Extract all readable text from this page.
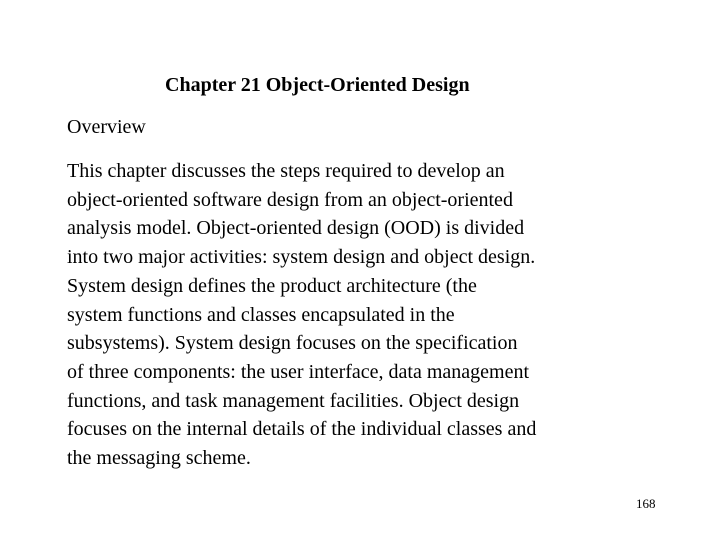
Chapter 21 Object-Oriented Design
Overview
This chapter discusses the steps required to develop an
object-oriented software design from an object-oriented
analysis model. Object-oriented design (OOD) is divided
into two major activities: system design and object design.
System design defines the product architecture (the
system functions and classes encapsulated in the
subsystems). System design focuses on the specification
of three components: the user interface, data management
functions, and task management facilities. Object design
focuses on the internal details of the individual classes and
the messaging scheme.
168
